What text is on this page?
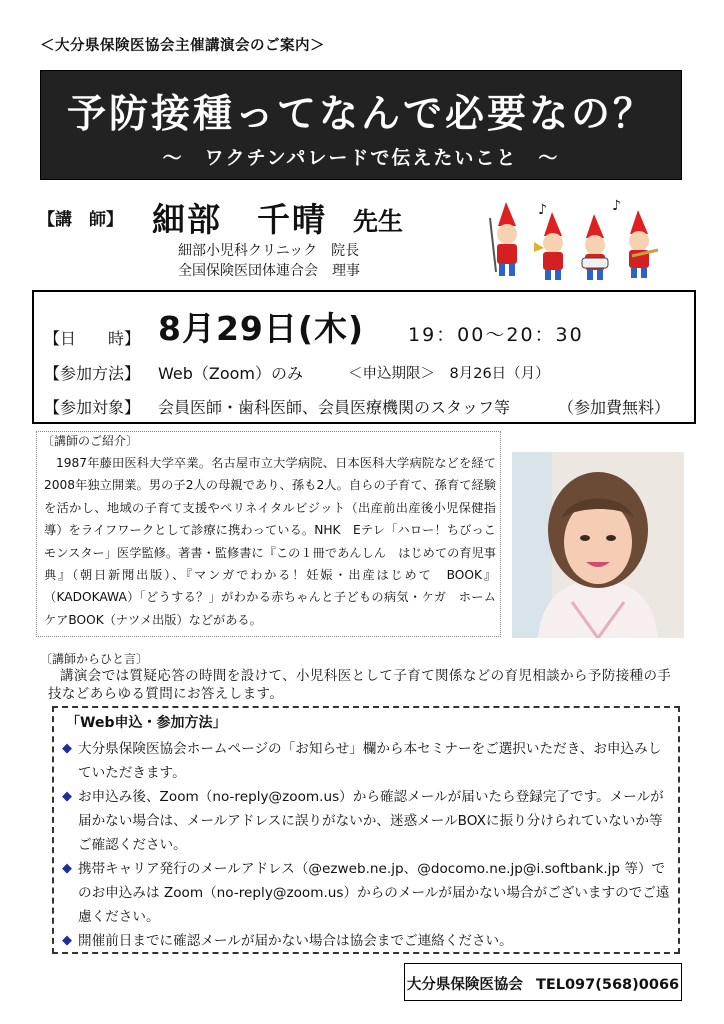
＜大分県保険医協会主催講演会のご案内＞
予防接種ってなんで必要なの？
～　ワクチンパレードで伝えたいこと　～
【講　師】 細部　千晴 先生
細部小児科クリニック　院長
全国保険医団体連合会　理事
♪	♪
【日　　時】 8月29日(木) 19：00～20：30
【参加方法】 Web（Zoom）のみ	＜申込期限＞　8月26日（月）
【参加対象】 会員医師・歯科医師、会員医療機関のスタッフ等	（参加費無料）
〔講師のご紹介〕
1987年藤田医科大学卒業。名古屋市立大学病院、日本医科大学病院などを経て2008年独立開業。男の子2人の母親であり、孫も2人。自らの子育て、孫育て経験を活かし、地域の子育て支援やペリネイタルビジット（出産前出産後小児保健指導）をライフワークとして診療に携わっている。NHK　Eテレ「ハロー！ちびっこモンスター」医学監修。著書・監修書に『この１冊であんしん　はじめての育児事典』（朝日新聞出版）、『マンガでわかる！妊娠・出産はじめて　BOOK』（KADOKAWA）「どうする？」がわかる赤ちゃんと子どもの病気・ケガ　ホームケアBOOK（ナツメ出版）などがある。
〔講師からひと言〕
講演会では質疑応答の時間を設けて、小児科医として子育て関係などの育児相談から予防接種の手技などあらゆる質問にお答えします。
「Web申込・参加方法」
◆ 大分県保険医協会ホームページの「お知らせ」欄から本セミナーをご選択いただき、お申込みしていただきます。
◆ お申込み後、Zoom（no-reply@zoom.us）から確認メールが届いたら登録完了です。メールが届かない場合は、メールアドレスに誤りがないか、迷惑メールBOXに振り分けられていないか等ご確認ください。
◆ 携帯キャリア発行のメールアドレス（@ezweb.ne.jp、@docomo.ne.jp@i.softbank.jp 等）でのお申込みは Zoom（no-reply@zoom.us）からのメールが届かない場合がございますのでご遠慮ください。
◆ 開催前日までに確認メールが届かない場合は協会までご連絡ください。
大分県保険医協会 TEL097(568)0066
